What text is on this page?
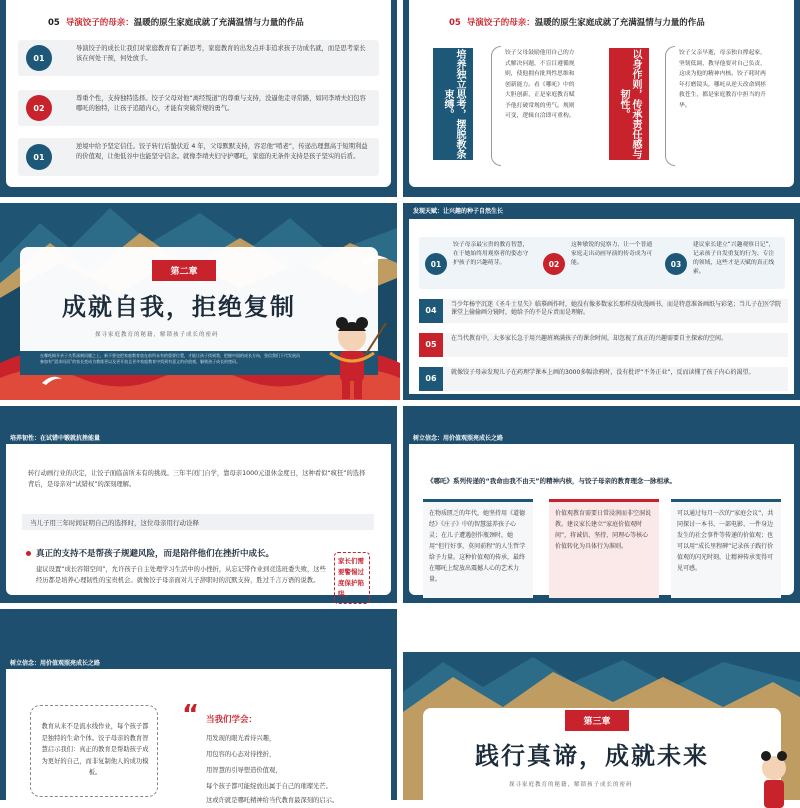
05 导演饺子的母亲：温暖的原生家庭成就了充满温情与力量的作品
导演饺子的成长让我们对家庭教育有了新思考，家庭教育的出发点并非追求孩子功成名就，而是思考家长该在何处干预，何处放手。
01
尊重个性，支持独特选择。饺子父母对他“离经叛道”的尊重与支持，没逼他走寻常路，如同李靖夫妇包容哪吒的独特，让孩子追随内心，才能有突破常规的勇气。
02
逆境中给予坚定信任。饺子转行后蛰伏近 4 年，父母默默支持，容忍他“啃老”，传递出理想高于短期利益的价值观，让他低谷中也能坚守信念。就像李靖夫妇守护哪吒，家庭的无条件支持是孩子坚实的后盾。
01
05 导演饺子的母亲：温暖的原生家庭成就了充满温情与力量的作品
培养独立思考，摆脱教条束缚。
饺子父母鼓励他用自己的方式解决问题，不盲目遵循规则，使他拥有批判性思维和创新能力。看《哪吒》中的大胆创新，正是家庭教育赋予他打破常规的勇气。规则可变，逻辑自洽即可重构。	以身作则，传承责任感与韧性。
饺子父亲早逝，母亲独自撑起家，坚韧低调，教导他要对自己负责，这成为他的精神内核。饺子耗时两年打磨镜头，哪吒从逆天改命到拯救苍生，都是家庭教育中担当的升华。
第二章
成就自我，拒绝复制
探寻家庭教育的秘籍，解锁孩子成长的密码
在哪吒揭开亲子关系深刻问题之上，新不要也把家庭教育放在前所未有的重要位置，才能让孩子找到我，把握中国的成长方向，坚信我们下代发展再参加有“恩求问而”的家长变成为教练更以及更开放且更多家庭教育中找到有意义的价值观，解锁孩子成长的密码。
发现天赋：让兴趣的种子自然生长
01
饺子母亲最宝贵的教育智慧，在于她始终用观察者的姿态守护孩子的兴趣萌芽。	02
这种敏锐的觉察力，让一个普通家庭走出动画导演的传奇成为可能。	03
建议家长建立“兴趣观察日记”，记录孩子自发重复的行为、专注的领域，这些才是天赋的真正线索。
04
当少年杨宇沉迷《圣斗士星矢》临摹画作时，她没有像多数家长那样没收漫画书，而是特意准备画纸与彩笔；当儿子在医学院课堂上偷偷画分镜时，她给予的不是斥责而是理解。
05
在当代教育中，大多家长急于用兴趣班填满孩子的课余时间，却忽视了真正的兴趣需要自主探索的空间。
06
就像饺子母亲发现儿子在药理学课本上画的3000多幅涂鸦时，没有批评“不务正业”，反而读懂了孩子内心的渴望。
培养韧性：在试错中锻就抗挫能量
转行动画行业的决定，让饺子面临前所未有的挑战。三年半闭门自学，靠母亲1000元退休金度日，这种看似“疯狂”的选择背后，是母亲对“试错权”的深刻理解。
当儿子用三年时间证明自己的选择时，这位母亲用行动诠释
真正的支持不是帮孩子规避风险，而是陪伴他们在挫折中成长。
建议设置“成长容错空间”，允许孩子自主处理学习生活中的小挫折，从忘记带作业到竞选班委失败，这些经历都是培养心理韧性的宝贵机会。就像饺子母亲面对儿子辞职时的沉默支持，胜过千言万语的说教。
家长们需要警惕过度保护陷阱。
树立信念：用价值观照亮成长之路
《哪吒》系列传递的“我命由我不由天”的精神内核，与饺子母亲的教育理念一脉相承。
在物质匮乏的年代，她坚持用《道德经》《庄子》中的智慧滋养孩子心灵；在儿子遭遇创作瓶颈时，她用“但行好事，莫问前程”的人生哲学给予力量。这种价值观的传承，最终在哪吒上绽放出震撼人心的艺术力量。
价值观教育需要日常浸润而非空洞说教。建议家长建立“家庭价值观时间”，将诚信、坚持、同理心等核心价值转化为具体行为准则。
可以通过每月一次的“家庭会议”，共同探讨一本书、一部电影、一件身边发生的社会事件等传递的价值观；也可以用“成长里程碑”记录孩子践行价值观的闪光时刻，让精神传承变得可见可感。
树立信念：用价值观照亮成长之路
教育从来不是流水线作业，每个孩子都是独特的生命个体。饺子母亲的教育智慧启示我们：真正的教育是帮助孩子成为更好的自己，而非复制他人的成功模板。
“ 当我们学会：
用发现的眼光看待兴趣，
用包容的心态对待挫折，
用智慧的引导塑造价值观，
每个孩子都可能绽放出属于自己的璀璨光芒。
这或许就是哪吒精神给当代教育最深刻的启示。
第三章
践行真谛，成就未来
探寻家庭教育的秘籍，解锁孩子成长的密码
